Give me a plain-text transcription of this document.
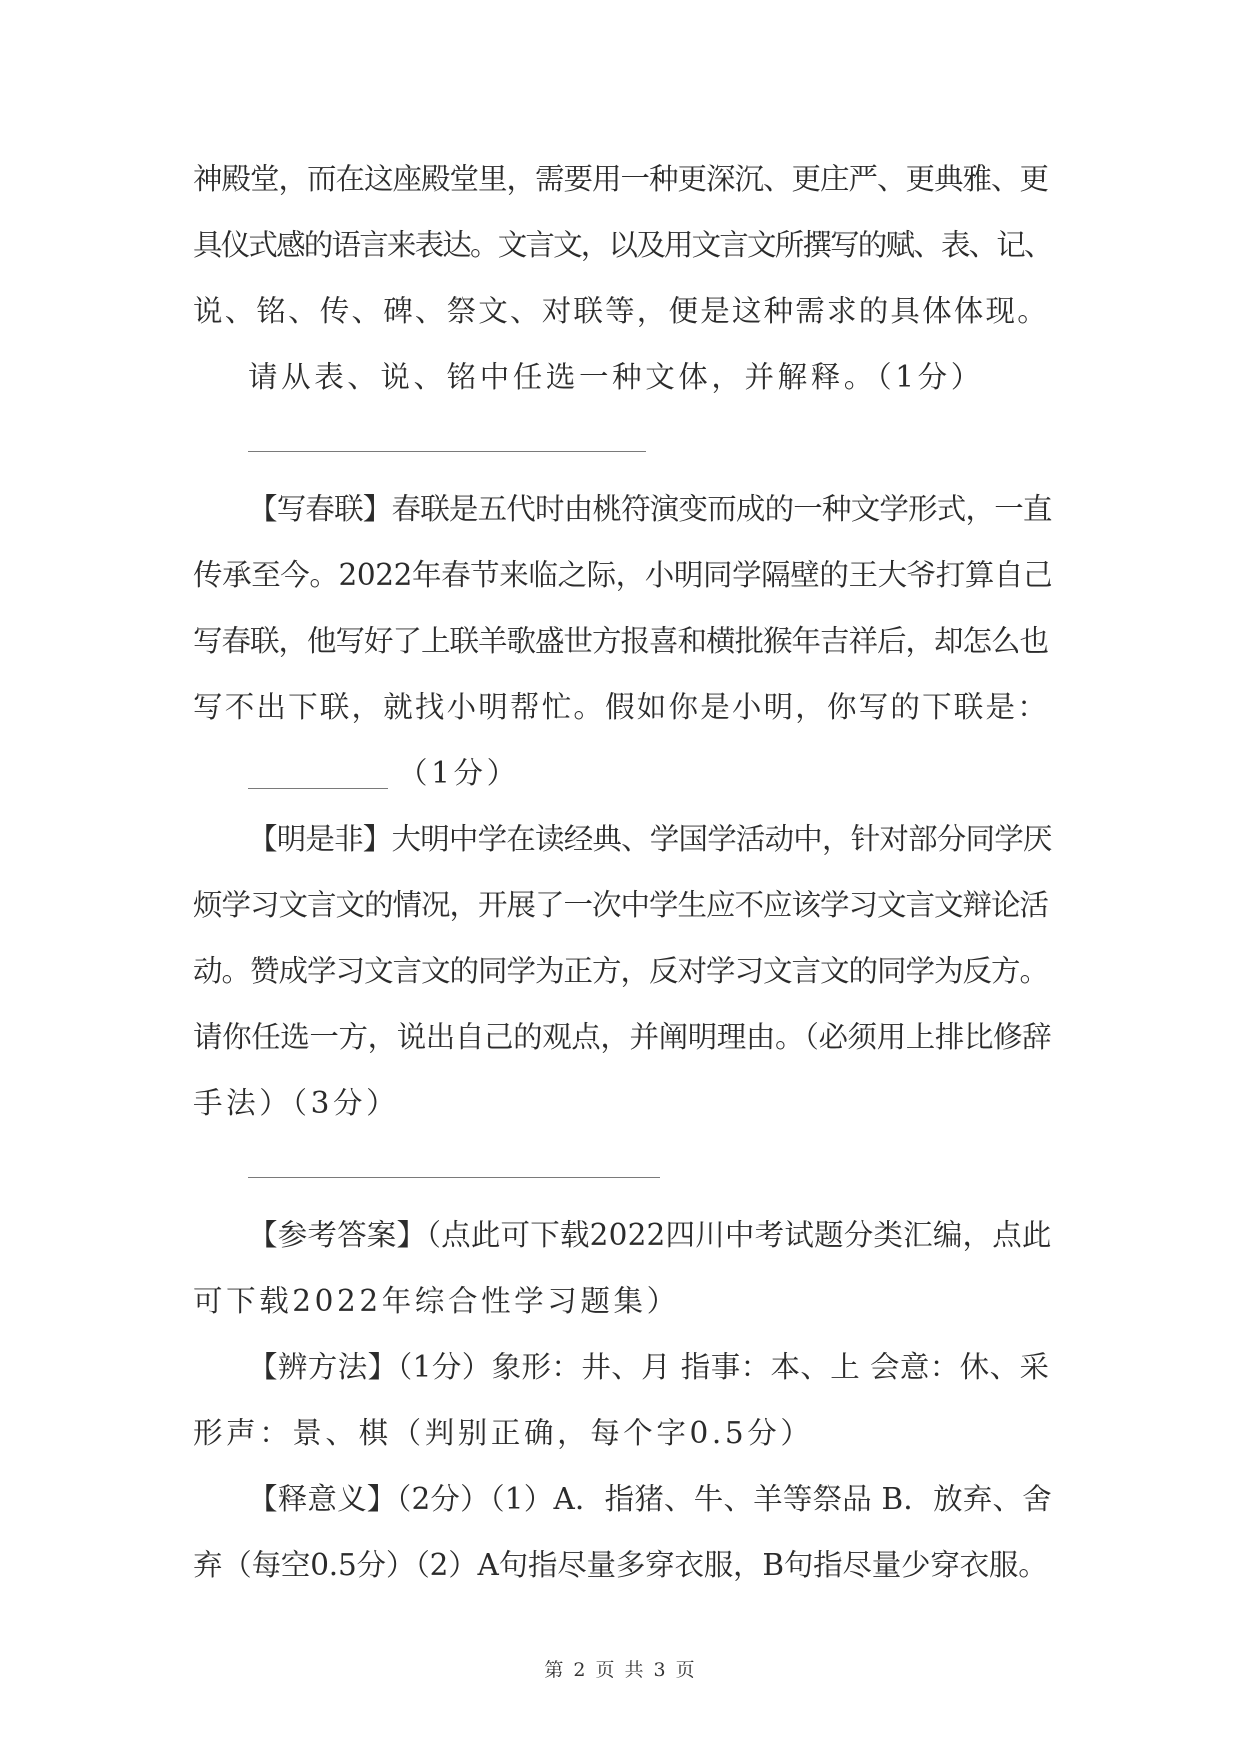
神殿堂，而在这座殿堂里，需要用一种更深沉、更庄严、更典雅、更
具仪式感的语言来表达。文言文，以及用文言文所撰写的赋、表、记、
说、铭、传、碑、祭文、对联等，便是这种需求的具体体现。
请从表、说、铭中任选一种文体，并解释。（1分）
【写春联】春联是五代时由桃符演变而成的一种文学形式，一直
传承至今。2022年春节来临之际，小明同学隔壁的王大爷打算自己
写春联，他写好了上联羊歌盛世方报喜和横批猴年吉祥后，却怎么也
写不出下联，就找小明帮忙。假如你是小明，你写的下联是：
（1分）
【明是非】大明中学在读经典、学国学活动中，针对部分同学厌
烦学习文言文的情况，开展了一次中学生应不应该学习文言文辩论活
动。赞成学习文言文的同学为正方，反对学习文言文的同学为反方。
请你任选一方，说出自己的观点，并阐明理由。（必须用上排比修辞
手法）（3分）
【参考答案】（点此可下载2022四川中考试题分类汇编，点此
可下载2022年综合性学习题集）
【辨方法】（1分）象形：井、月 指事：本、上 会意：休、采
形声：景、棋（判别正确，每个字0.5分）
【释意义】（2分）（1）A．指猪、牛、羊等祭品 B．放弃、舍
弃（每空0.5分）（2）A句指尽量多穿衣服，B句指尽量少穿衣服。
第 2 页 共 3 页
